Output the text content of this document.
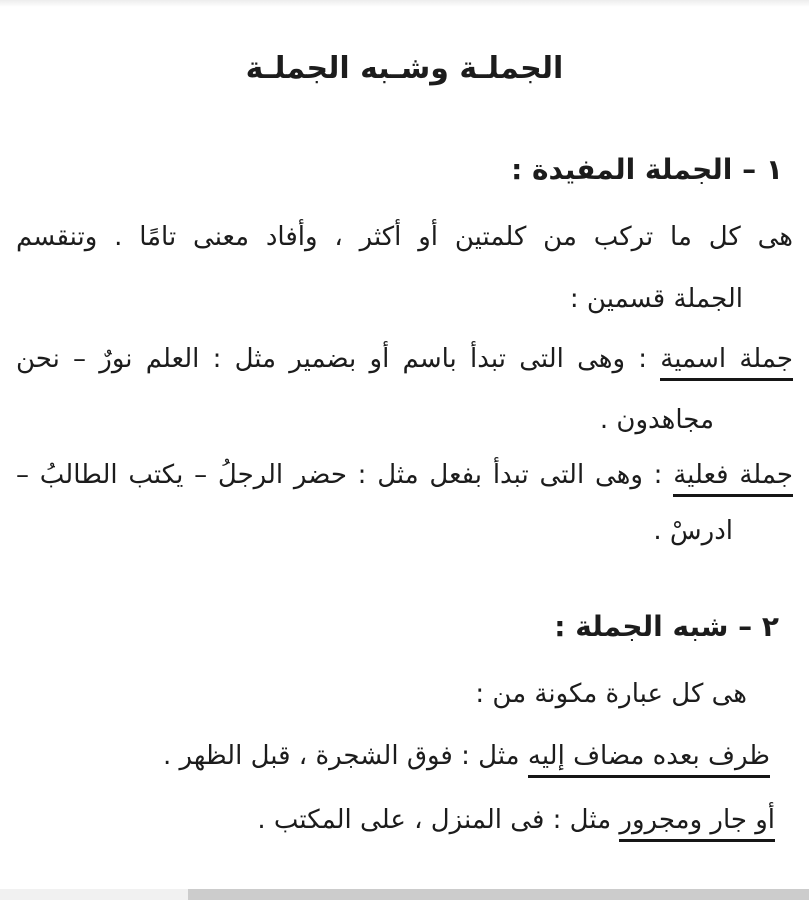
الجملـة وشـبه الجملـة
١ – الجملة المفيدة :
هى كل ما تركب من كلمتين أو أكثر ، وأفاد معنى تامًا . وتنقسم
الجملة قسمين :
جملة اسمية : وهى التى تبدأ باسم أو بضمير مثل : العلم نورٌ – نحن
مجاهدون .
جملة فعلية : وهى التى تبدأ بفعل مثل : حضر الرجلُ – يكتب الطالبُ –
ادرسْ .
٢ – شبه الجملة :
هى كل عبارة مكونة من :
ظرف بعده مضاف إليه مثل : فوق الشجرة ، قبل الظهر .
أو جار ومجرور مثل : فى المنزل ، على المكتب .
